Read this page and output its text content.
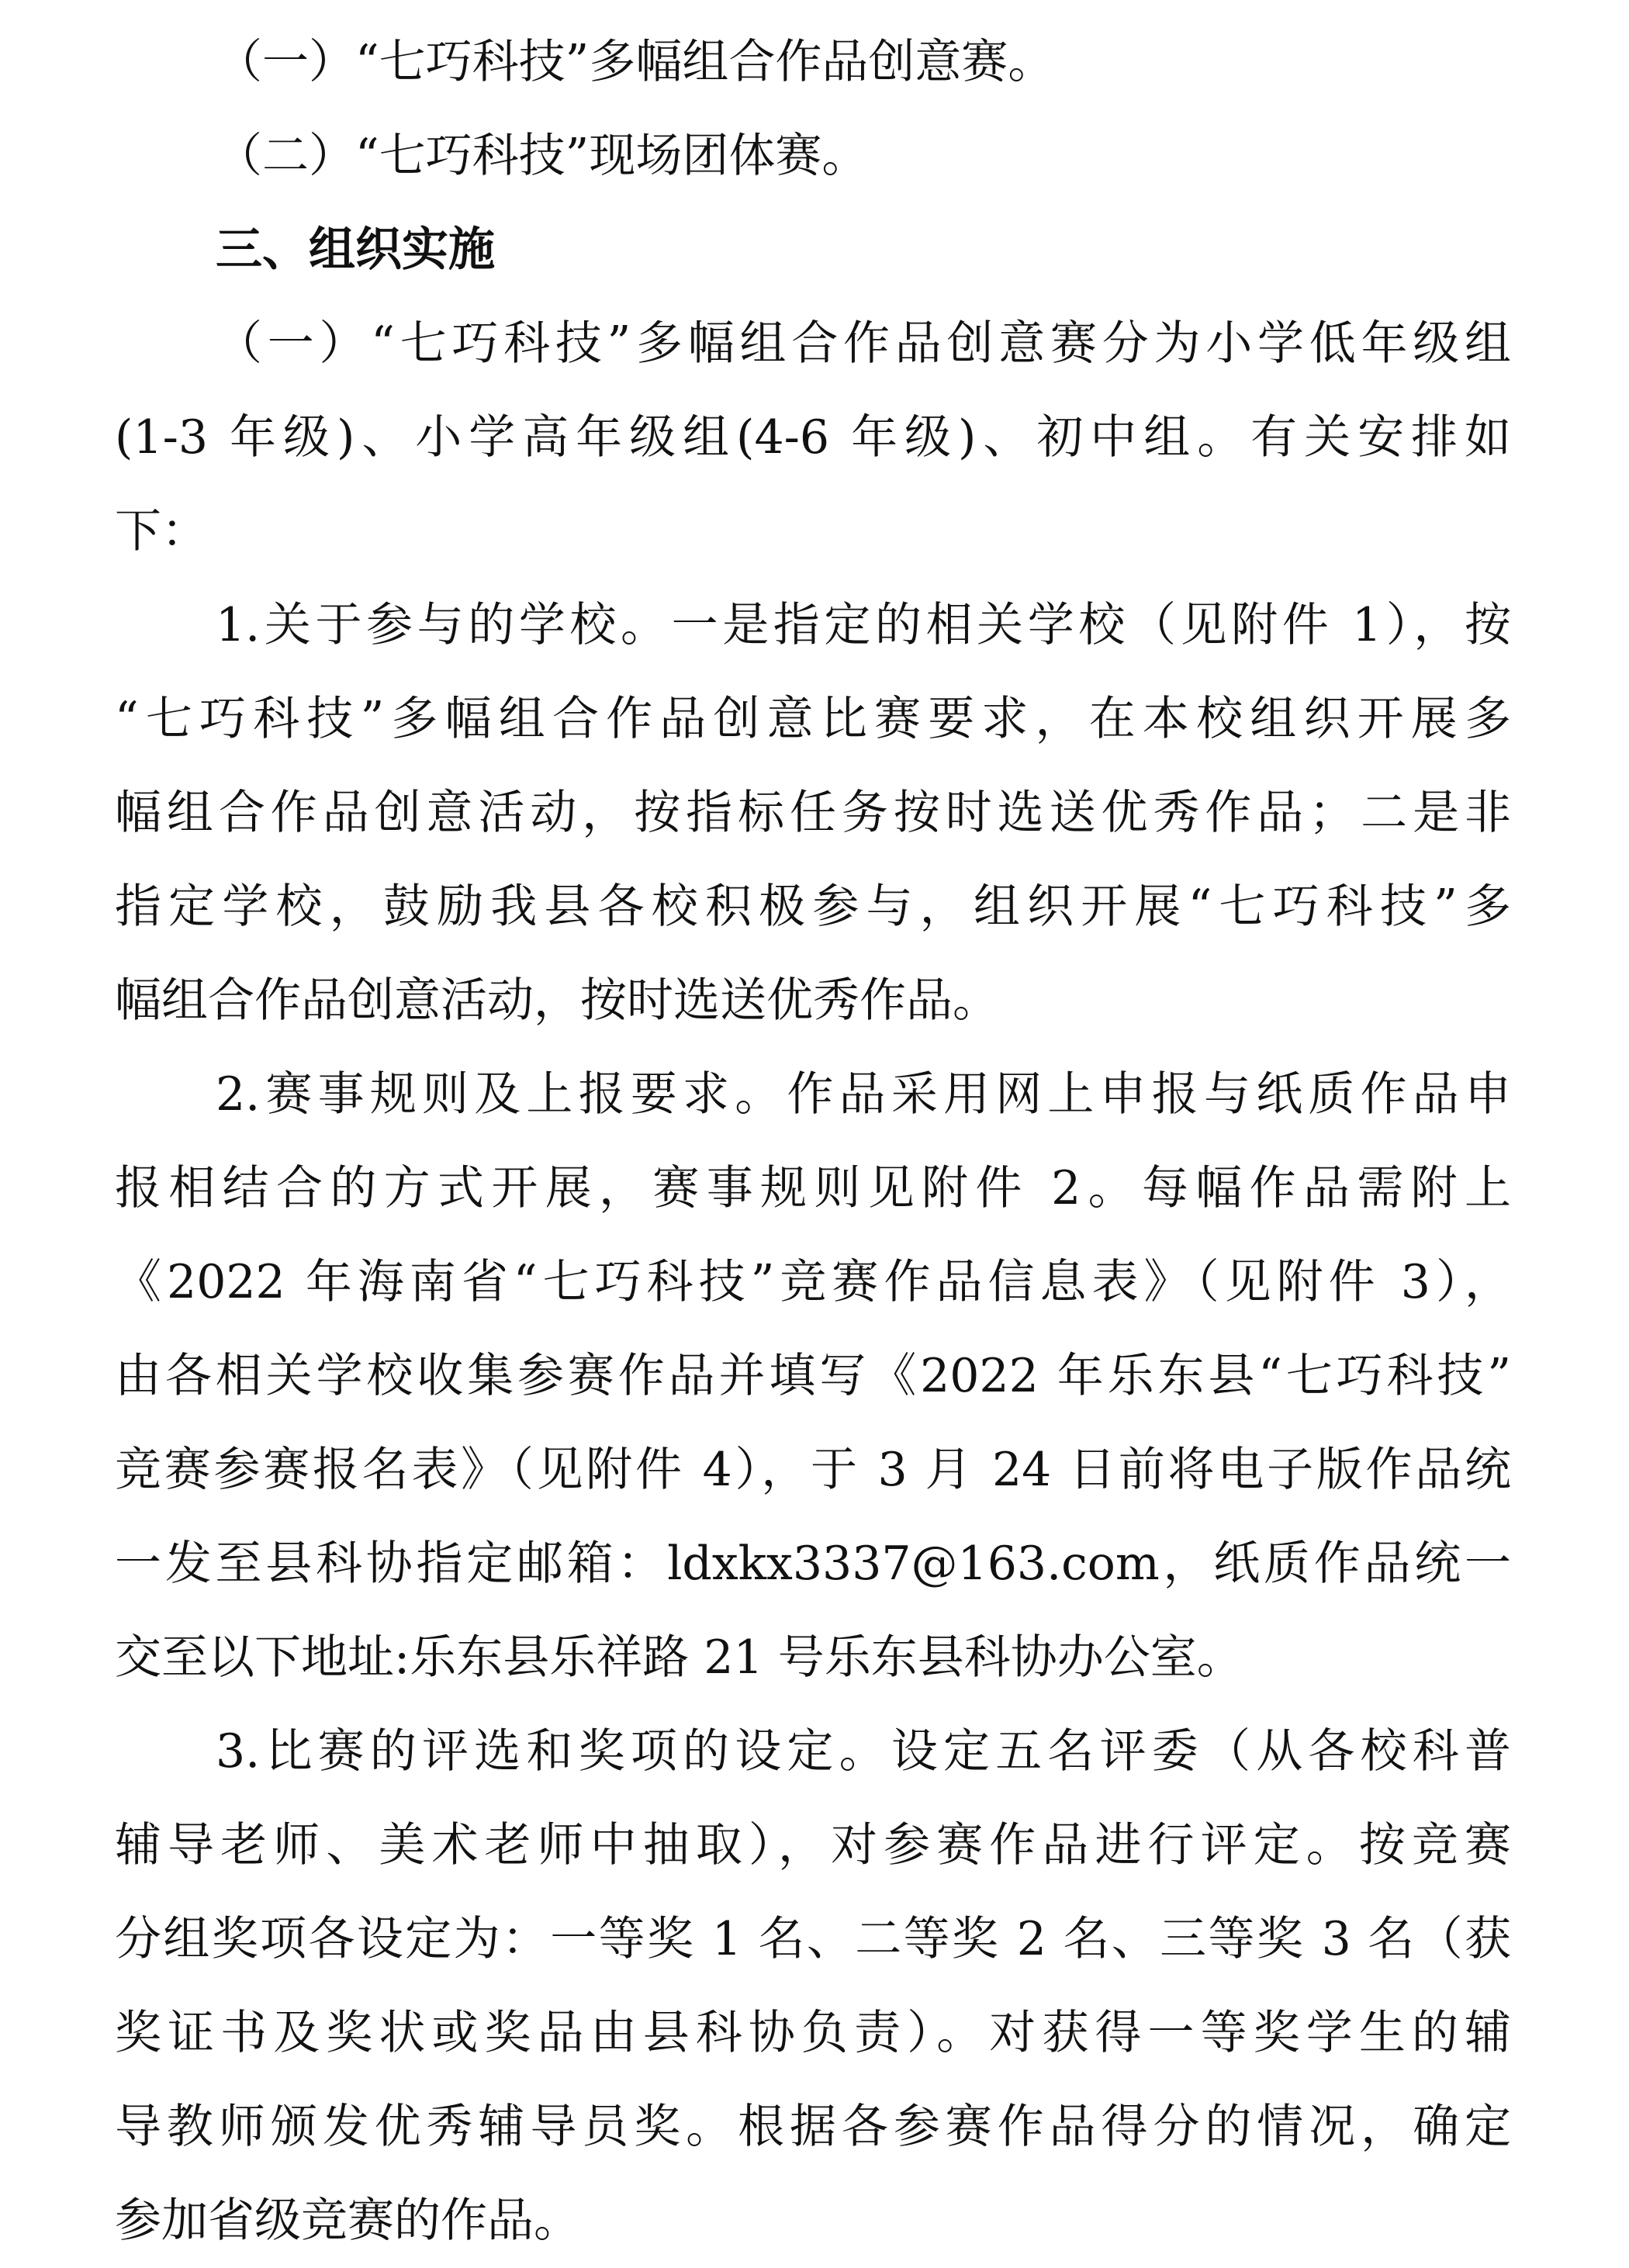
（一）“七巧科技”多幅组合作品创意赛。
（二）“七巧科技”现场团体赛。
三、组织实施
（一）“七巧科技”多幅组合作品创意赛分为小学低年级组
(1-3 年级)、小学高年级组(4-6 年级)、初中组。有关安排如
下：
1.关于参与的学校。一是指定的相关学校（见附件 1），按
“七巧科技”多幅组合作品创意比赛要求，在本校组织开展多
幅组合作品创意活动，按指标任务按时选送优秀作品；二是非
指定学校，鼓励我县各校积极参与，组织开展“七巧科技”多
幅组合作品创意活动，按时选送优秀作品。
2.赛事规则及上报要求。作品采用网上申报与纸质作品申
报相结合的方式开展，赛事规则见附件 2。每幅作品需附上
《2022 年海南省“七巧科技”竞赛作品信息表》（见附件 3），
由各相关学校收集参赛作品并填写《2022 年乐东县“七巧科技”
竞赛参赛报名表》（见附件 4），于 3 月 24 日前将电子版作品统
一发至县科协指定邮箱：ldxkx3337@163.com，纸质作品统一
交至以下地址:乐东县乐祥路 21 号乐东县科协办公室。
3.比赛的评选和奖项的设定。设定五名评委（从各校科普
辅导老师、美术老师中抽取），对参赛作品进行评定。按竞赛
分组奖项各设定为：一等奖 1 名、二等奖 2 名、三等奖 3 名（获
奖证书及奖状或奖品由县科协负责）。对获得一等奖学生的辅
导教师颁发优秀辅导员奖。根据各参赛作品得分的情况，确定
参加省级竞赛的作品。
